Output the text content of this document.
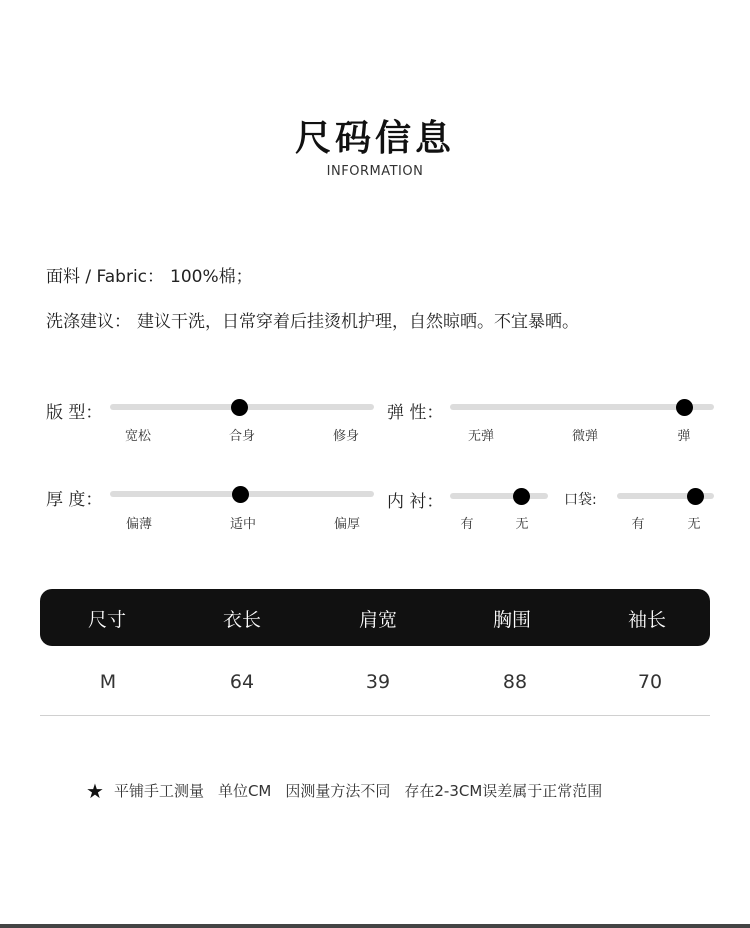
尺码信息
INFORMATION
面料 / Fabric： 100%棉；
洗涤建议： 建议干洗，日常穿着后挂烫机护理，自然晾晒。不宜暴晒。
版 型：
宽松	合身	修身
弹 性：
无弹	微弹	弹
厚 度：
偏薄	适中	偏厚
内 衬：
有	无
口袋:
有	无
尺寸	衣长	肩宽	胸围	袖长
M	64	39	88	70
★ 平铺手工测量 单位CM 因测量方法不同 存在2-3CM误差属于正常范围
